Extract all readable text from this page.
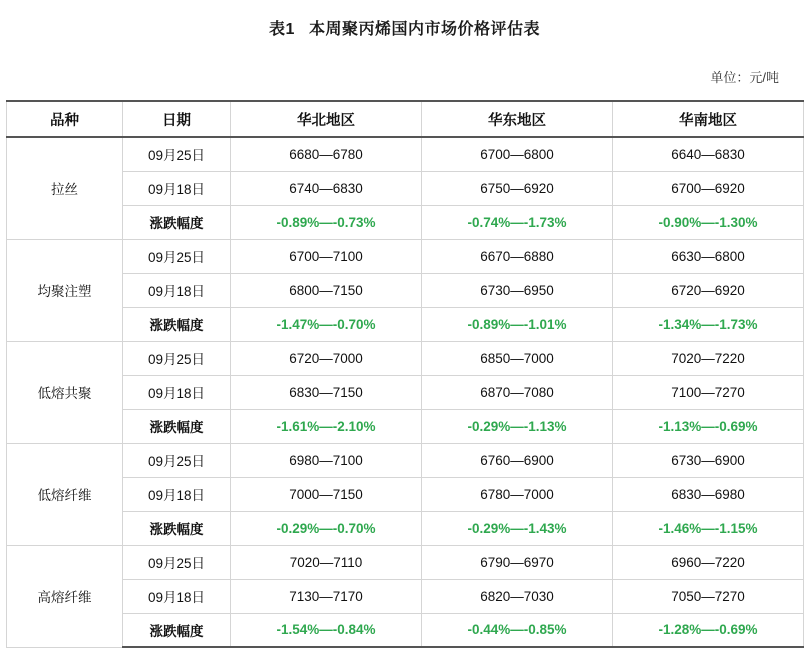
表1 本周聚丙烯国内市场价格评估表
单位：元/吨
品种	日期	华北地区	华东地区	华南地区
拉丝	09月25日	6680—6780	6700—6800	6640—6830
	09月18日	6740—6830	6750—6920	6700—6920
	涨跌幅度	-0.89%—-0.73%	-0.74%—-1.73%	-0.90%—-1.30%
均聚注塑	09月25日	6700—7100	6670—6880	6630—6800
	09月18日	6800—7150	6730—6950	6720—6920
	涨跌幅度	-1.47%—-0.70%	-0.89%—-1.01%	-1.34%—-1.73%
低熔共聚	09月25日	6720—7000	6850—7000	7020—7220
	09月18日	6830—7150	6870—7080	7100—7270
	涨跌幅度	-1.61%—-2.10%	-0.29%—-1.13%	-1.13%—-0.69%
低熔纤维	09月25日	6980—7100	6760—6900	6730—6900
	09月18日	7000—7150	6780—7000	6830—6980
	涨跌幅度	-0.29%—-0.70%	-0.29%—-1.43%	-1.46%—-1.15%
高熔纤维	09月25日	7020—7110	6790—6970	6960—7220
	09月18日	7130—7170	6820—7030	7050—7270
	涨跌幅度	-1.54%—-0.84%	-0.44%—-0.85%	-1.28%—-0.69%
